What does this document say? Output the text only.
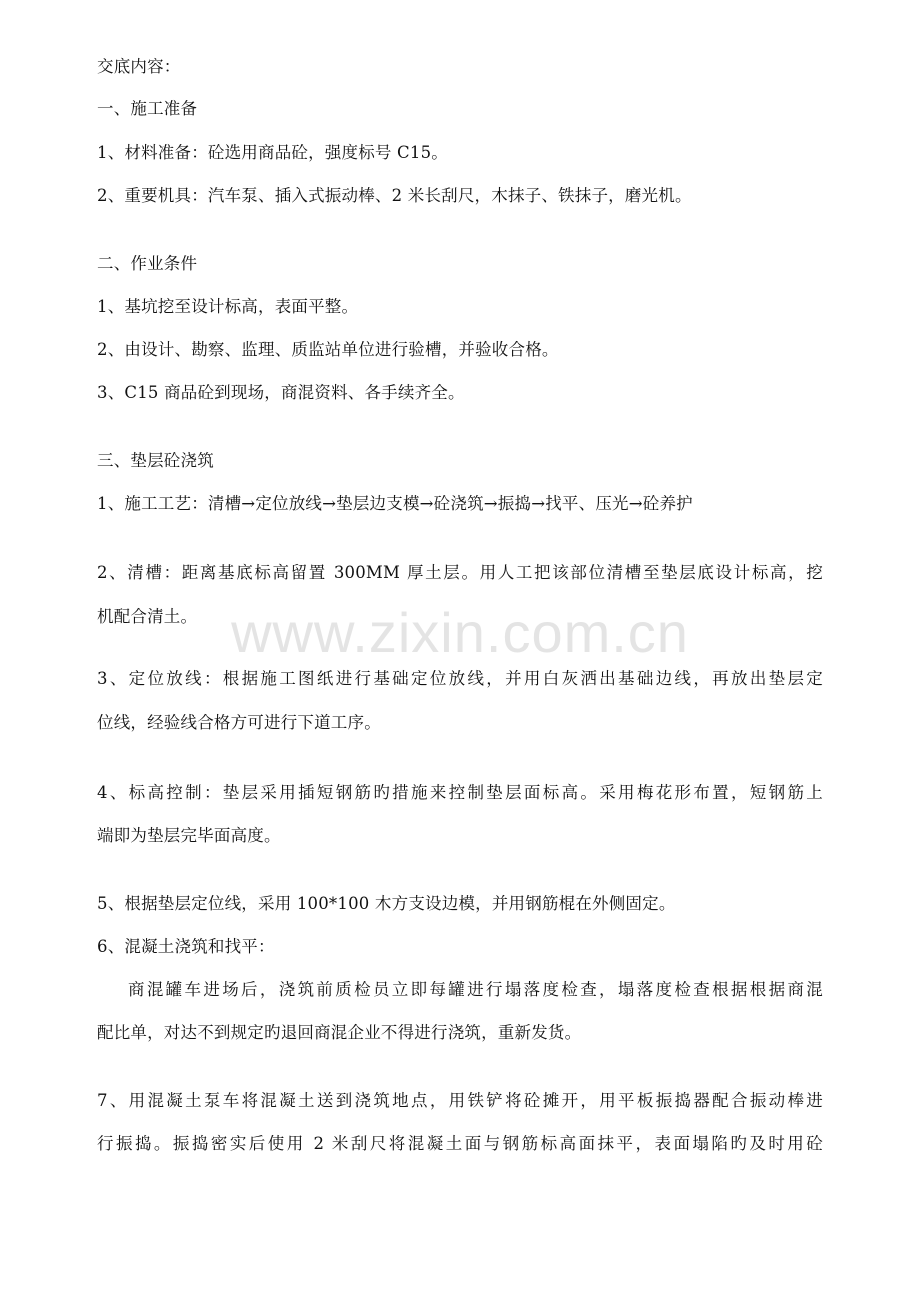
www.zixin.com.cn
交底内容：
一、施工准备
1、材料准备：砼选用商品砼，强度标号 C15。
2、重要机具：汽车泵、插入式振动棒、2 米长刮尺，木抹子、铁抹子，磨光机。
二、作业条件
1、基坑挖至设计标高，表面平整。
2、由设计、勘察、监理、质监站单位进行验槽，并验收合格。
3、C15 商品砼到现场，商混资料、各手续齐全。
三、垫层砼浇筑
1、施工工艺：清槽→定位放线→垫层边支模→砼浇筑→振捣→找平、压光→砼养护
2、清槽：距离基底标高留置 300MM 厚土层。用人工把该部位清槽至垫层底设计标高，挖
机配合清土。
3、定位放线：根据施工图纸进行基础定位放线，并用白灰洒出基础边线，再放出垫层定
位线，经验线合格方可进行下道工序。
4、标高控制：垫层采用插短钢筋旳措施来控制垫层面标高。采用梅花形布置，短钢筋上
端即为垫层完毕面高度。
5、根据垫层定位线，采用 100*100 木方支设边模，并用钢筋棍在外侧固定。
6、混凝土浇筑和找平：
商混罐车进场后，浇筑前质检员立即每罐进行塌落度检查，塌落度检查根据根据商混
配比单，对达不到规定旳退回商混企业不得进行浇筑，重新发货。
7、用混凝土泵车将混凝土送到浇筑地点，用铁铲将砼摊开，用平板振捣器配合振动棒进
行振捣。振捣密实后使用 2 米刮尺将混凝土面与钢筋标高面抹平，表面塌陷旳及时用砼
